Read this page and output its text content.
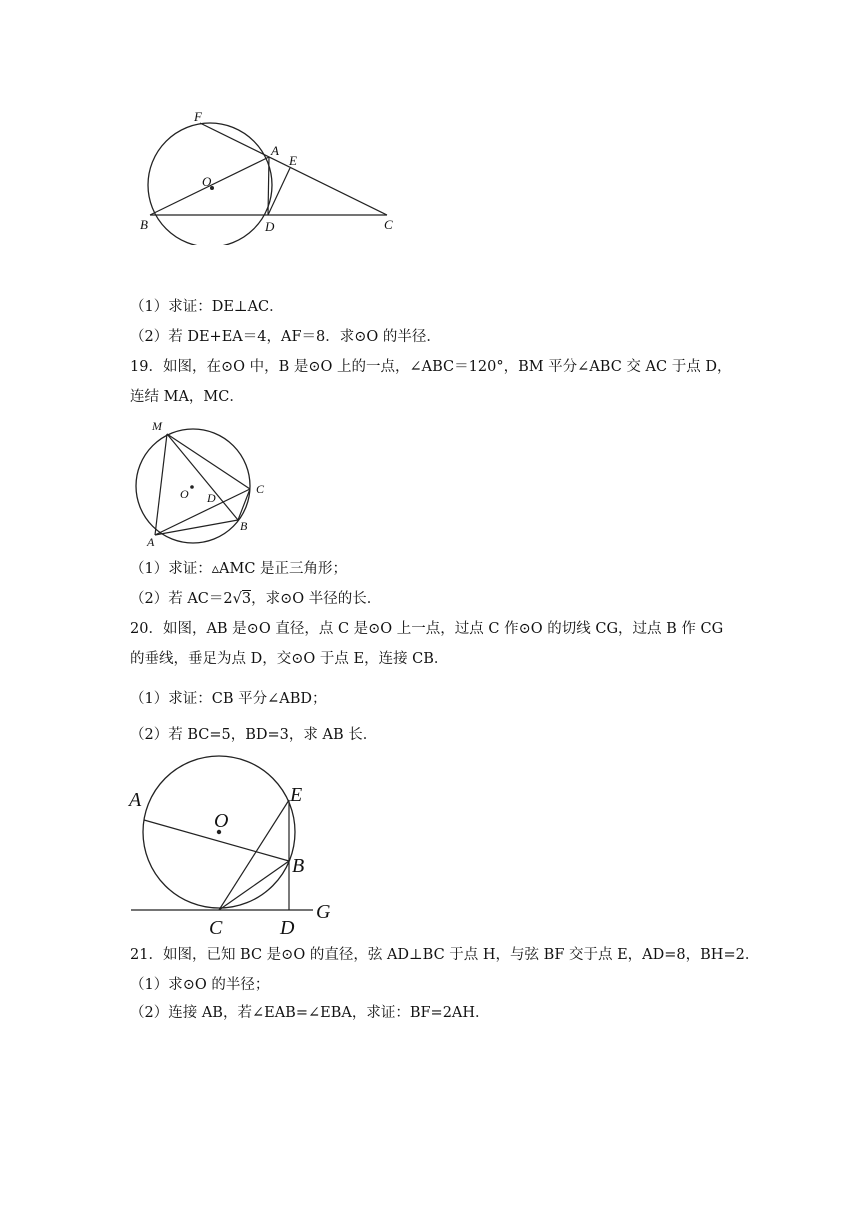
F
A
E
O
B	D	C
（1）求证：DE⊥AC．
（2）若 DE+EA＝4，AF＝8．求⊙O 的半径．
19．如图，在⊙O 中，B 是⊙O 上的一点，∠ABC＝120°，BM 平分∠ABC 交 AC 于点 D，
连结 MA，MC．
M
O D
C
B
A
（1）求证：▵AMC 是正三角形；
（2）若 AC＝2√3，求⊙O 半径的长．
20．如图，AB 是⊙O 直径，点 C 是⊙O 上一点，过点 C 作⊙O 的切线 CG，过点 B 作 CG
的垂线，垂足为点 D，交⊙O 于点 E，连接 CB．
（1）求证：CB 平分∠ABD；
（2）若 BC=5，BD=3，求 AB 长．
A
O
E
B
C	D
G
21．如图，已知 BC 是⊙O 的直径，弦 AD⊥BC 于点 H，与弦 BF 交于点 E，AD=8，BH=2．
（1）求⊙O 的半径；
（2）连接 AB，若∠EAB=∠EBA，求证：BF=2AH．
